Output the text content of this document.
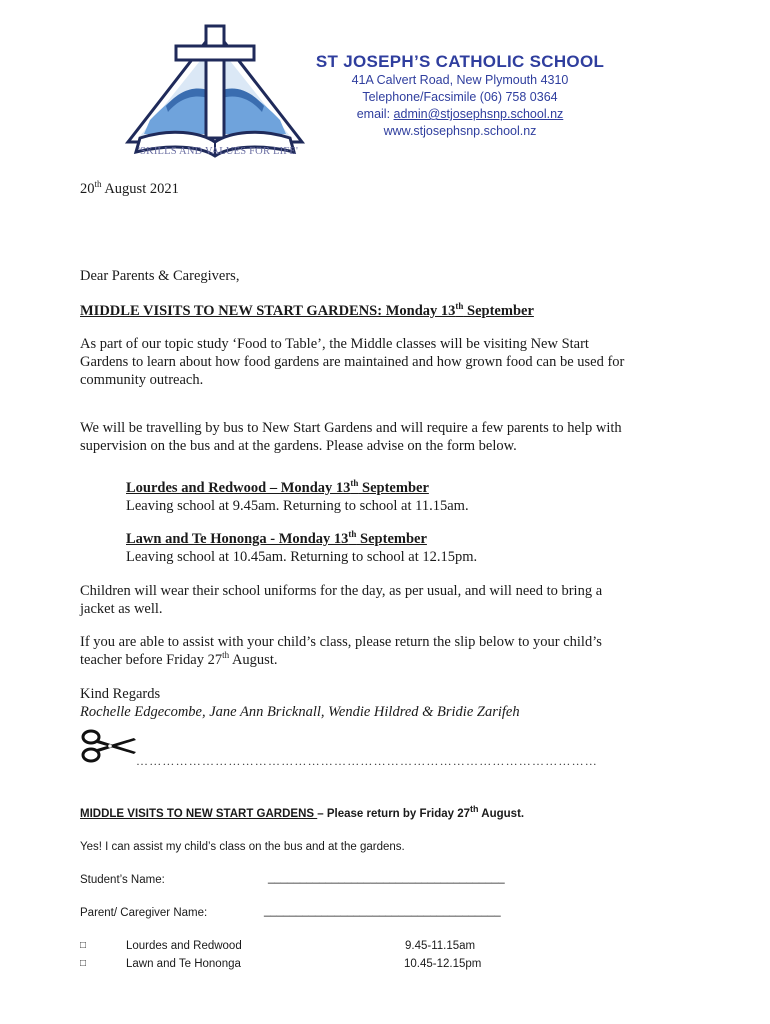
'SKILLS AND VALUES FOR LIFE'
ST JOSEPH’S CATHOLIC SCHOOL
41A Calvert Road, New Plymouth 4310
Telephone/Facsimile (06) 758 0364
email: admin@stjosephsnp.school.nz
www.stjosephsnp.school.nz
20th August 2021
Dear Parents & Caregivers,
MIDDLE VISITS TO NEW START GARDENS: Monday 13th September
As part of our topic study ‘Food to Table’, the Middle classes will be visiting New Start
Gardens to learn about how food gardens are maintained and how grown food can be used for
community outreach.
We will be travelling by bus to New Start Gardens and will require a few parents to help with
supervision on the bus and at the gardens. Please advise on the form below.
Lourdes and Redwood – Monday 13th September
Leaving school at 9.45am. Returning to school at 11.15am.
Lawn and Te Hononga - Monday 13th September
Leaving school at 10.45am. Returning to school at 12.15pm.
Children will wear their school uniforms for the day, as per usual, and will need to bring a
jacket as well.
If you are able to assist with your child’s class, please return the slip below to your child’s
teacher before Friday 27th August.
Kind Regards
Rochelle Edgecombe, Jane Ann Bricknall, Wendie Hildred & Bridie Zarifeh
……………………………………………………………………………………………
MIDDLE VISITS TO NEW START GARDENS – Please return by Friday 27th August.
Yes! I can assist my child’s class on the bus and at the gardens.
Student’s Name:	_____________________________________
Parent/ Caregiver Name:	_____________________________________
□	Lourdes and Redwood	9.45-11.15am
□	Lawn and Te Hononga	10.45-12.15pm
